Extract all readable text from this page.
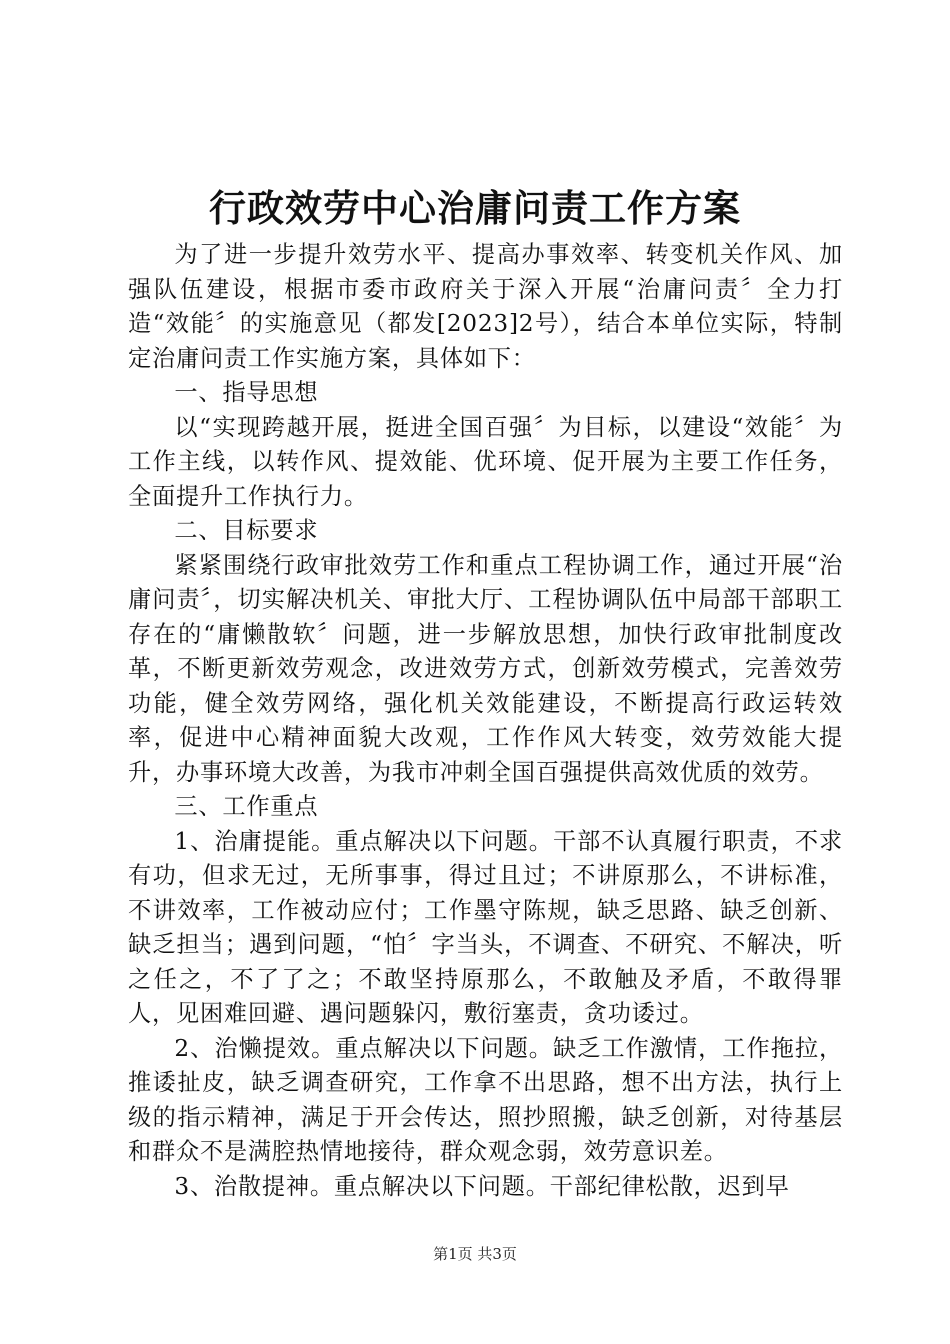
行政效劳中心治庸问责工作方案

为了进一步提升效劳水平、提高办事效率、转变机关作风、加强队伍建设，根据市委市政府关于深入开展“治庸问责〞全力打造“效能〞的实施意见（都发[2023]2号），结合本单位实际，特制定治庸问责工作实施方案，具体如下：

一、指导思想

以“实现跨越开展，挺进全国百强〞为目标，以建设“效能〞为工作主线，以转作风、提效能、优环境、促开展为主要工作任务，全面提升工作执行力。

二、目标要求

紧紧围绕行政审批效劳工作和重点工程协调工作，通过开展“治庸问责〞，切实解决机关、审批大厅、工程协调队伍中局部干部职工存在的“庸懒散软〞问题，进一步解放思想，加快行政审批制度改革，不断更新效劳观念，改进效劳方式，创新效劳模式，完善效劳功能，健全效劳网络，强化机关效能建设，不断提高行政运转效率，促进中心精神面貌大改观，工作作风大转变，效劳效能大提升，办事环境大改善，为我市冲刺全国百强提供高效优质的效劳。

三、工作重点

1、治庸提能。重点解决以下问题。干部不认真履行职责，不求有功，但求无过，无所事事，得过且过；不讲原那么，不讲标准，不讲效率，工作被动应付；工作墨守陈规，缺乏思路、缺乏创新、缺乏担当；遇到问题，“怕〞字当头，不调查、不研究、不解决，听之任之，不了了之；不敢坚持原那么，不敢触及矛盾，不敢得罪人，见困难回避、遇问题躲闪，敷衍塞责，贪功诿过。

2、治懒提效。重点解决以下问题。缺乏工作激情，工作拖拉，推诿扯皮，缺乏调查研究，工作拿不出思路，想不出方法，执行上级的指示精神，满足于开会传达，照抄照搬，缺乏创新，对待基层和群众不是满腔热情地接待，群众观念弱，效劳意识差。

3、治散提神。重点解决以下问题。干部纪律松散，迟到早

第1页 共3页
